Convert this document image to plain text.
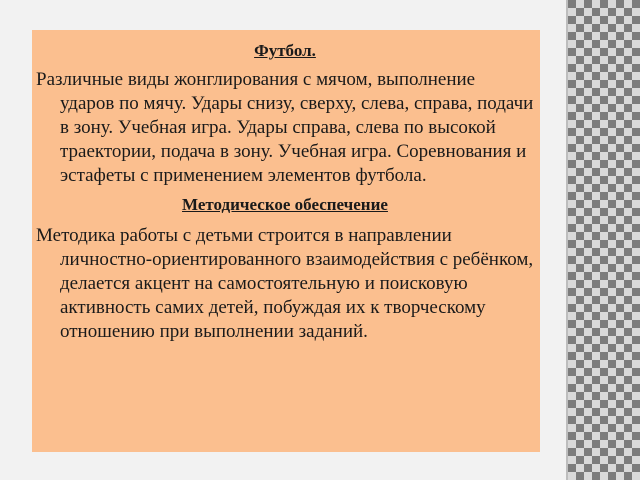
Футбол.

Различные виды жонглирования с мячом, выполнение ударов по мячу. Удары снизу, сверху, слева, справа, подачи в зону. Учебная игра. Удары справа, слева по высокой траектории, подача в зону. Учебная игра. Соревнования и эстафеты с применением элементов футбола.

Методическое обеспечение

Методика работы с детьми строится в направлении личностно-ориентированного взаимодействия с ребёнком, делается акцент на самостоятельную и поисковую активность самих детей, побуждая их к творческому отношению при выполнении заданий.
